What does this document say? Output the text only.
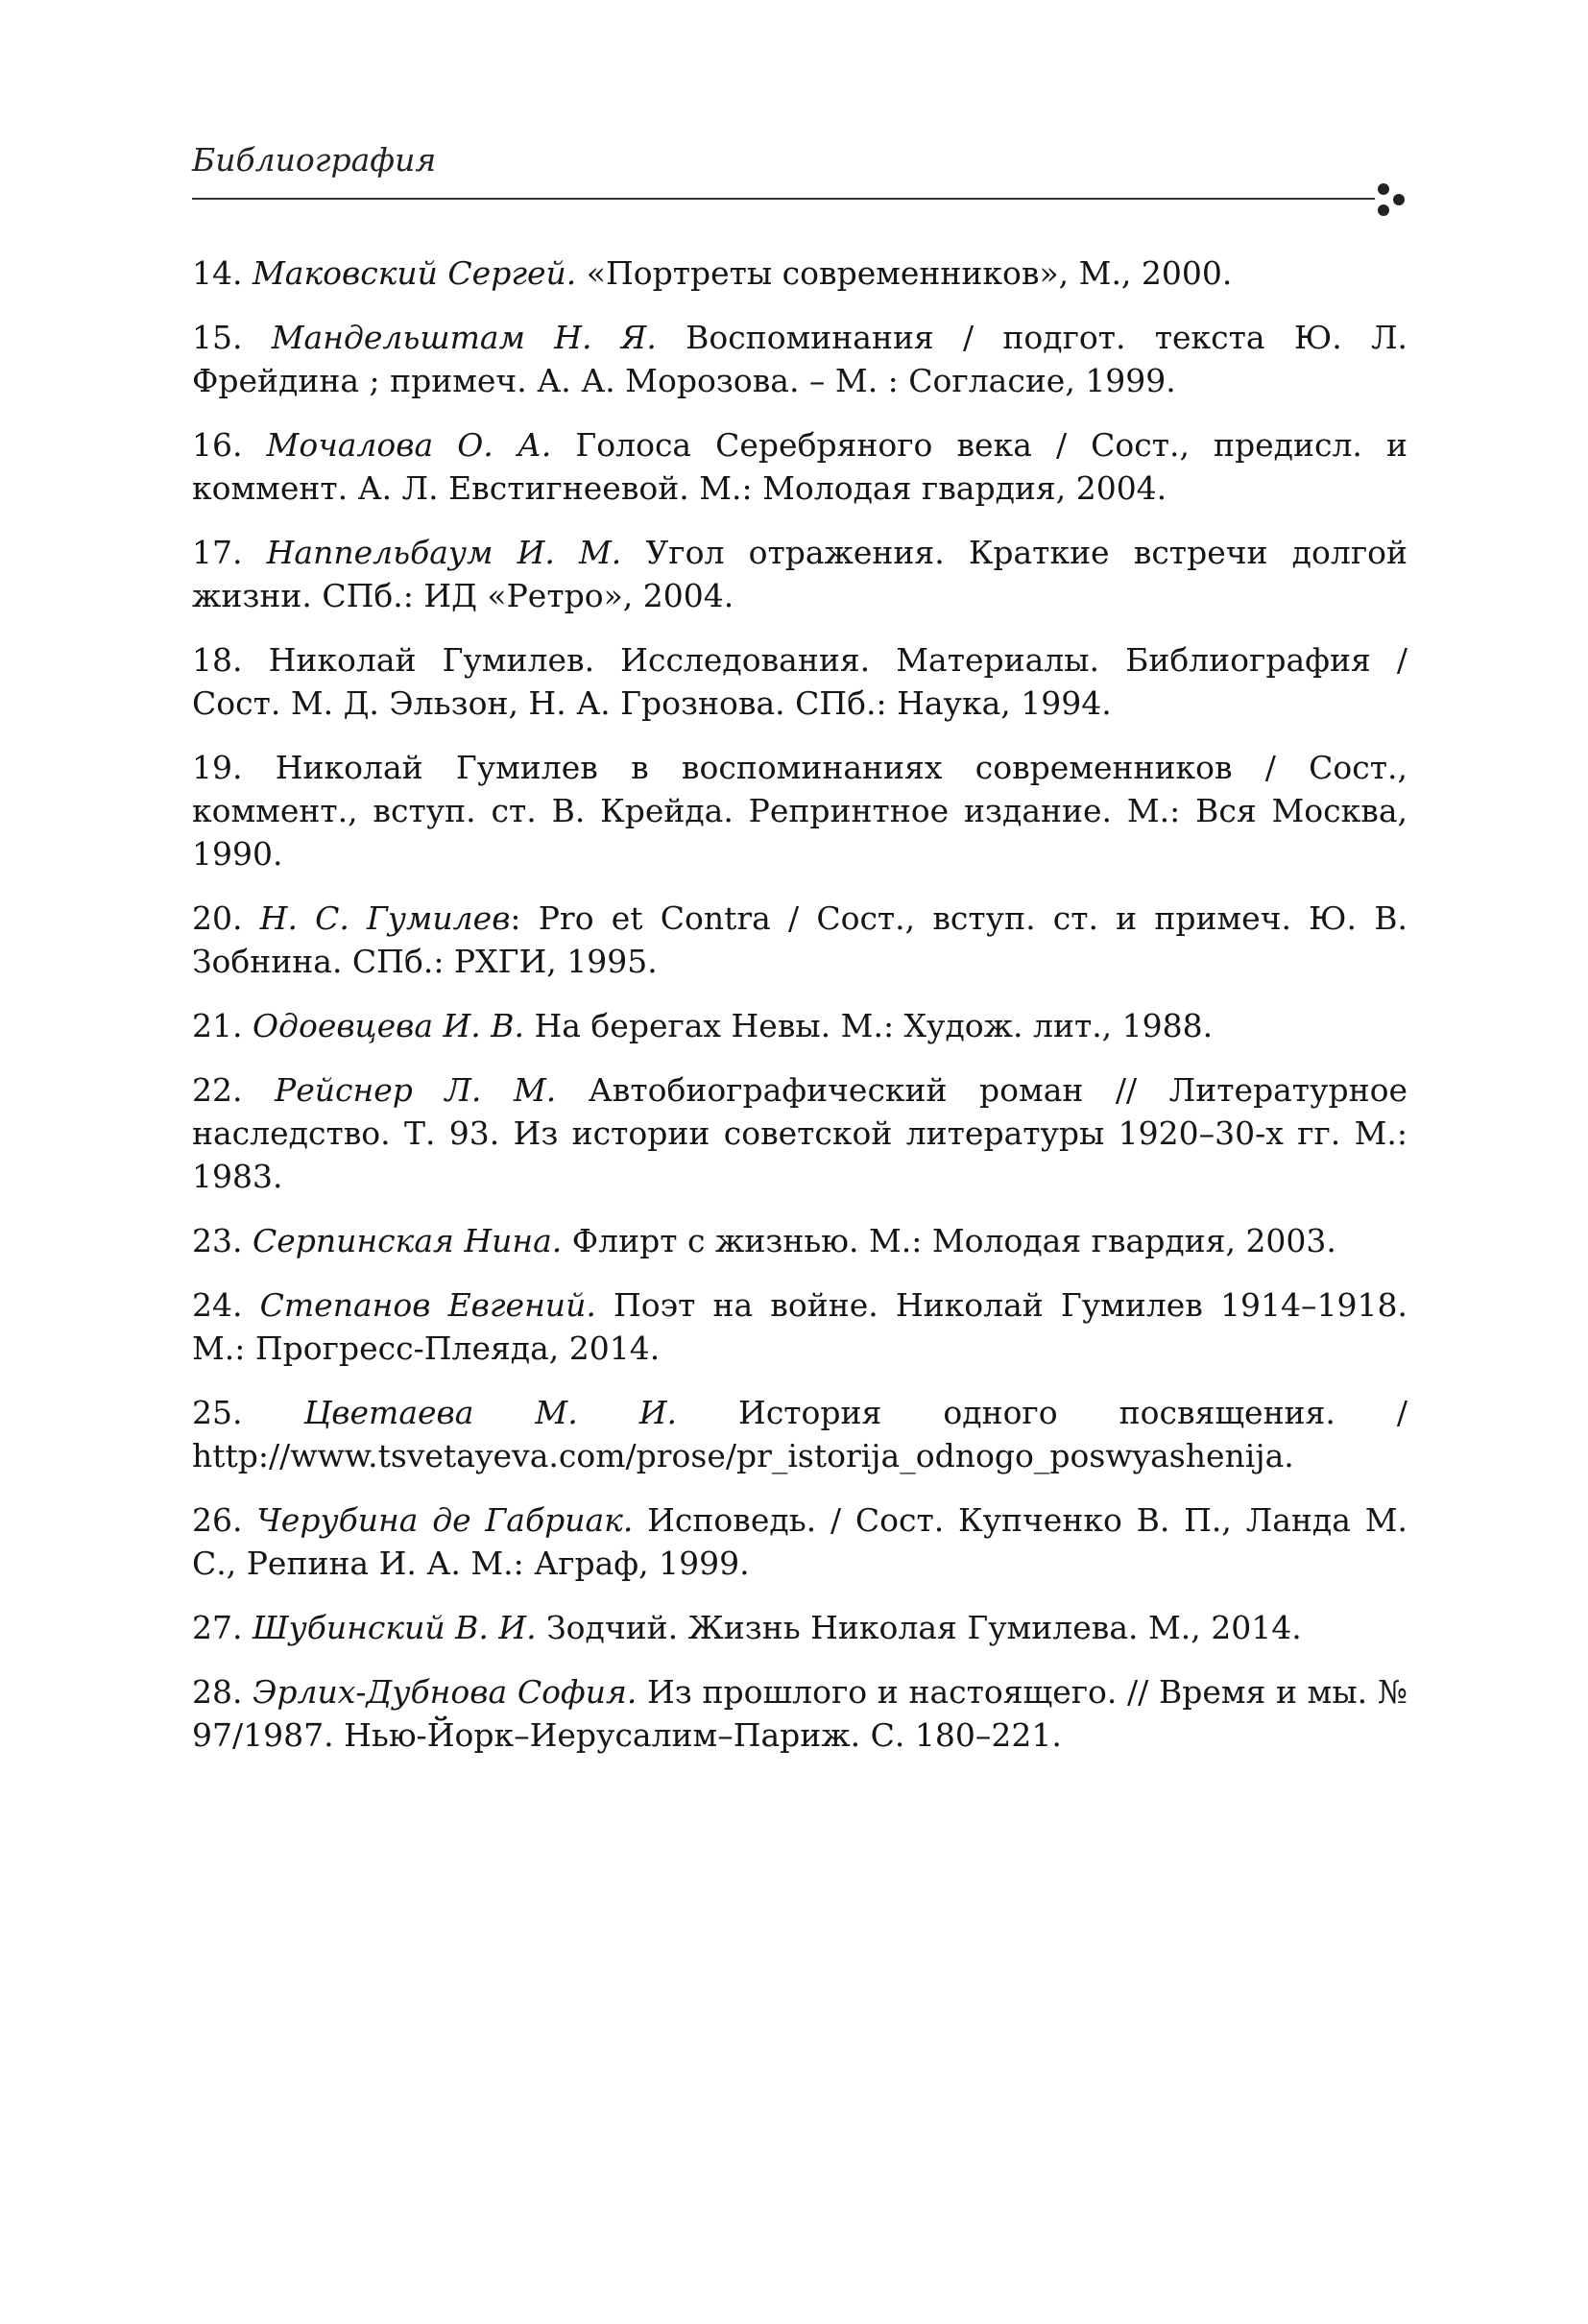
Библиография

14. Маковский Сергей. «Портреты современников», М., 2000.

15. Мандельштам Н. Я. Воспоминания / подгот. текста Ю. Л. Фрейдина ; примеч. А. А. Морозова. – М. : Согласие, 1999.

16. Мочалова О. А. Голоса Серебряного века / Сост., предисл. и коммент. А. Л. Евстигнеевой. М.: Молодая гвардия, 2004.

17. Наппельбаум И. М. Угол отражения. Краткие встречи долгой жизни. СПб.: ИД «Ретро», 2004.

18. Николай Гумилев. Исследования. Материалы. Библиография / Сост. М. Д. Эльзон, Н. А. Грознова. СПб.: Наука, 1994.

19. Николай Гумилев в воспоминаниях современников / Сост., коммент., вступ. ст. В. Крейда. Репринтное издание. М.: Вся Москва, 1990.

20. Н. С. Гумилев: Pro et Contra / Сост., вступ. ст. и примеч. Ю. В. Зобнина. СПб.: РХГИ, 1995.

21. Одоевцева И. В. На берегах Невы. М.: Худож. лит., 1988.

22. Рейснер Л. М. Автобиографический роман // Литературное наследство. Т. 93. Из истории советской литературы 1920–30-х гг. М.: 1983.

23. Серпинская Нина. Флирт с жизнью. М.: Молодая гвардия, 2003.

24. Степанов Евгений. Поэт на войне. Николай Гумилев 1914–1918. М.: Прогресс-Плеяда, 2014.

25. Цветаева М. И. История одного посвящения. / http://www.tsvetayeva.com/prose/pr_istorija_odnogo_poswyashenija.

26. Черубина де Габриак. Исповедь. / Сост. Купченко В. П., Ланда М. С., Репина И. А. М.: Аграф, 1999.

27. Шубинский В. И. Зодчий. Жизнь Николая Гумилева. М., 2014.

28. Эрлих-Дубнова София. Из прошлого и настоящего. // Время и мы. № 97/1987. Нью-Йорк–Иерусалим–Париж. С. 180–221.
